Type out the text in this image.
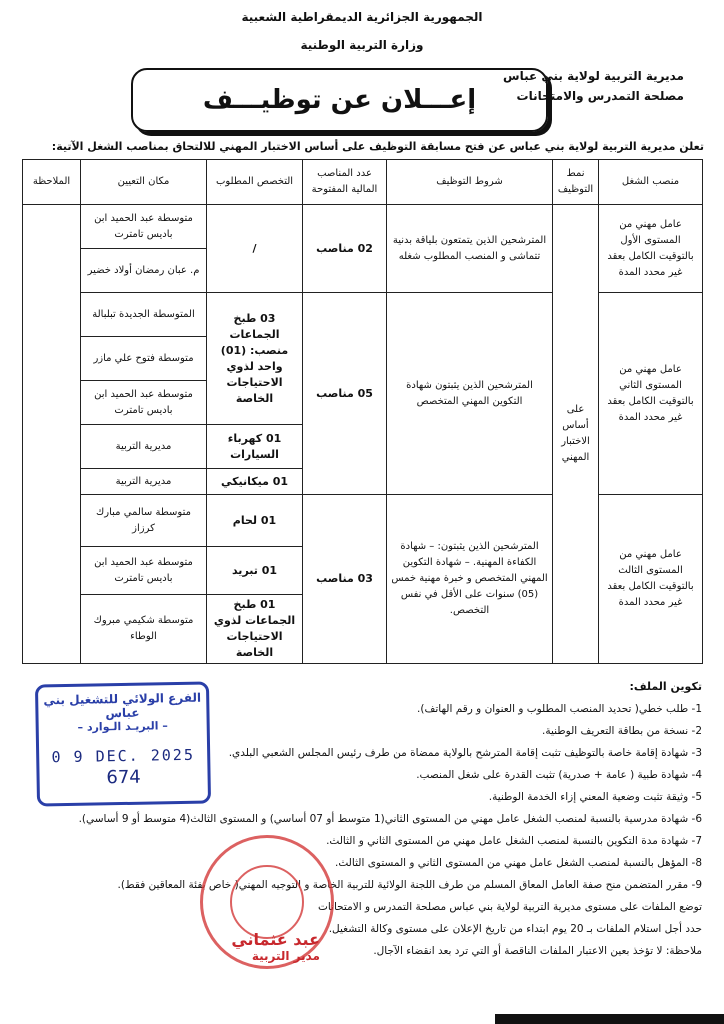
الجمهورية الجزائرية الديمقراطية الشعبية
وزارة التربية الوطنية
مديرية التربية لولاية بني عباس
مصلحة التمدرس والامتحانات
إعـــلان عن توظيـــف
تعلن مديرية التربية لولاية بني عباس عن فتح مسابقة التوظيف على أساس الاختبار المهني للالتحاق بمناصب الشغل الآتية:
منصب الشغل	نمط التوظيف	شروط التوظيف	عدد المناصب المالية المفتوحة	التخصص المطلوب	مكان التعيين	الملاحظة
عامل مهني من المستوى الأول بالتوقيت الكامل بعقد غير محدد المدة	على أساس الاختبار المهني	المترشحين الذين يتمتعون بلياقة بدنية تتماشى و المنصب المطلوب شغله	02 مناصب	/	متوسطة عبد الحميد ابن باديس تامترت	
					م. عبان رمضان أولاد خضير	
عامل مهني من المستوى الثاني بالتوقيت الكامل بعقد غير محدد المدة		المترشحين الذين يثبتون شهادة التكوين المهني المتخصص	05 مناصب	03 طبخ الجماعات منصب: (01) واحد لذوي الاحتياجات الخاصة	المتوسطة الجديدة تبلبالة	
					متوسطة فتوح علي مازر	
					متوسطة عبد الحميد ابن باديس تامترت	
				01 كهرباء السيارات	مديرية التربية	
				01 ميكانيكي	مديرية التربية	
عامل مهني من المستوى الثالث بالتوقيت الكامل بعقد غير محدد المدة		المترشحين الذين يثبتون: – شهادة الكفاءة المهنية. – شهادة التكوين المهني المتخصص و خبرة مهنية خمس (05) سنوات على الأقل في نفس التخصص.	03 مناصب	01 لحام	متوسطة سالمي مبارك كرزاز	
				01 تبريد	متوسطة عبد الحميد ابن باديس تامترت	
				01 طبخ الجماعات لذوي الاحتياجات الخاصة	متوسطة شكيمي مبروك الوطاء	
تكوين الملف:
1- طلب خطي( تحديد المنصب المطلوب و العنوان و رقم الهاتف).
2- نسخة من بطاقة التعريف الوطنية.
3- شهادة إقامة خاصة بالتوظيف تثبت إقامة المترشح بالولاية ممضاة من طرف رئيس المجلس الشعبي البلدي.
4- شهادة طبية ( عامة + صدرية) تثبت القدرة على شغل المنصب.
5- وثيقة تثبت وضعية المعني إزاء الخدمة الوطنية.
6- شهادة مدرسية بالنسبة لمنصب الشغل عامل مهني من المستوى الثاني(1 متوسط أو 07 أساسي) و المستوى الثالث(4 متوسط أو 9 أساسي).
7- شهادة مدة التكوين بالنسبة لمنصب الشغل عامل مهني من المستوى الثاني و الثالث.
8- المؤهل بالنسبة لمنصب الشغل عامل مهني من المستوى الثاني و المستوى الثالث.
9- مقرر المتضمن منح صفة العامل المعاق المسلم من طرف اللجنة الولائية للتربية الخاصة و التوجيه المهني( خاص بفئة المعاقين فقط).
توضع الملفات على مستوى مديرية التربية لولاية بني عباس مصلحة التمدرس و الامتحانات
حدد أجل استلام الملفات بـ 20 يوم ابتداء من تاريخ الإعلان على مستوى وكالة التشغيل.
ملاحظة: لا تؤخذ بعين الاعتبار الملفات الناقصة أو التي ترد بعد انقضاء الآجال.
الفرع الولائي للتشغيل بني عباس
– البريـد الـوارد –
0 9 DEC. 2025
674
عبد عثماني
مدير التربية
